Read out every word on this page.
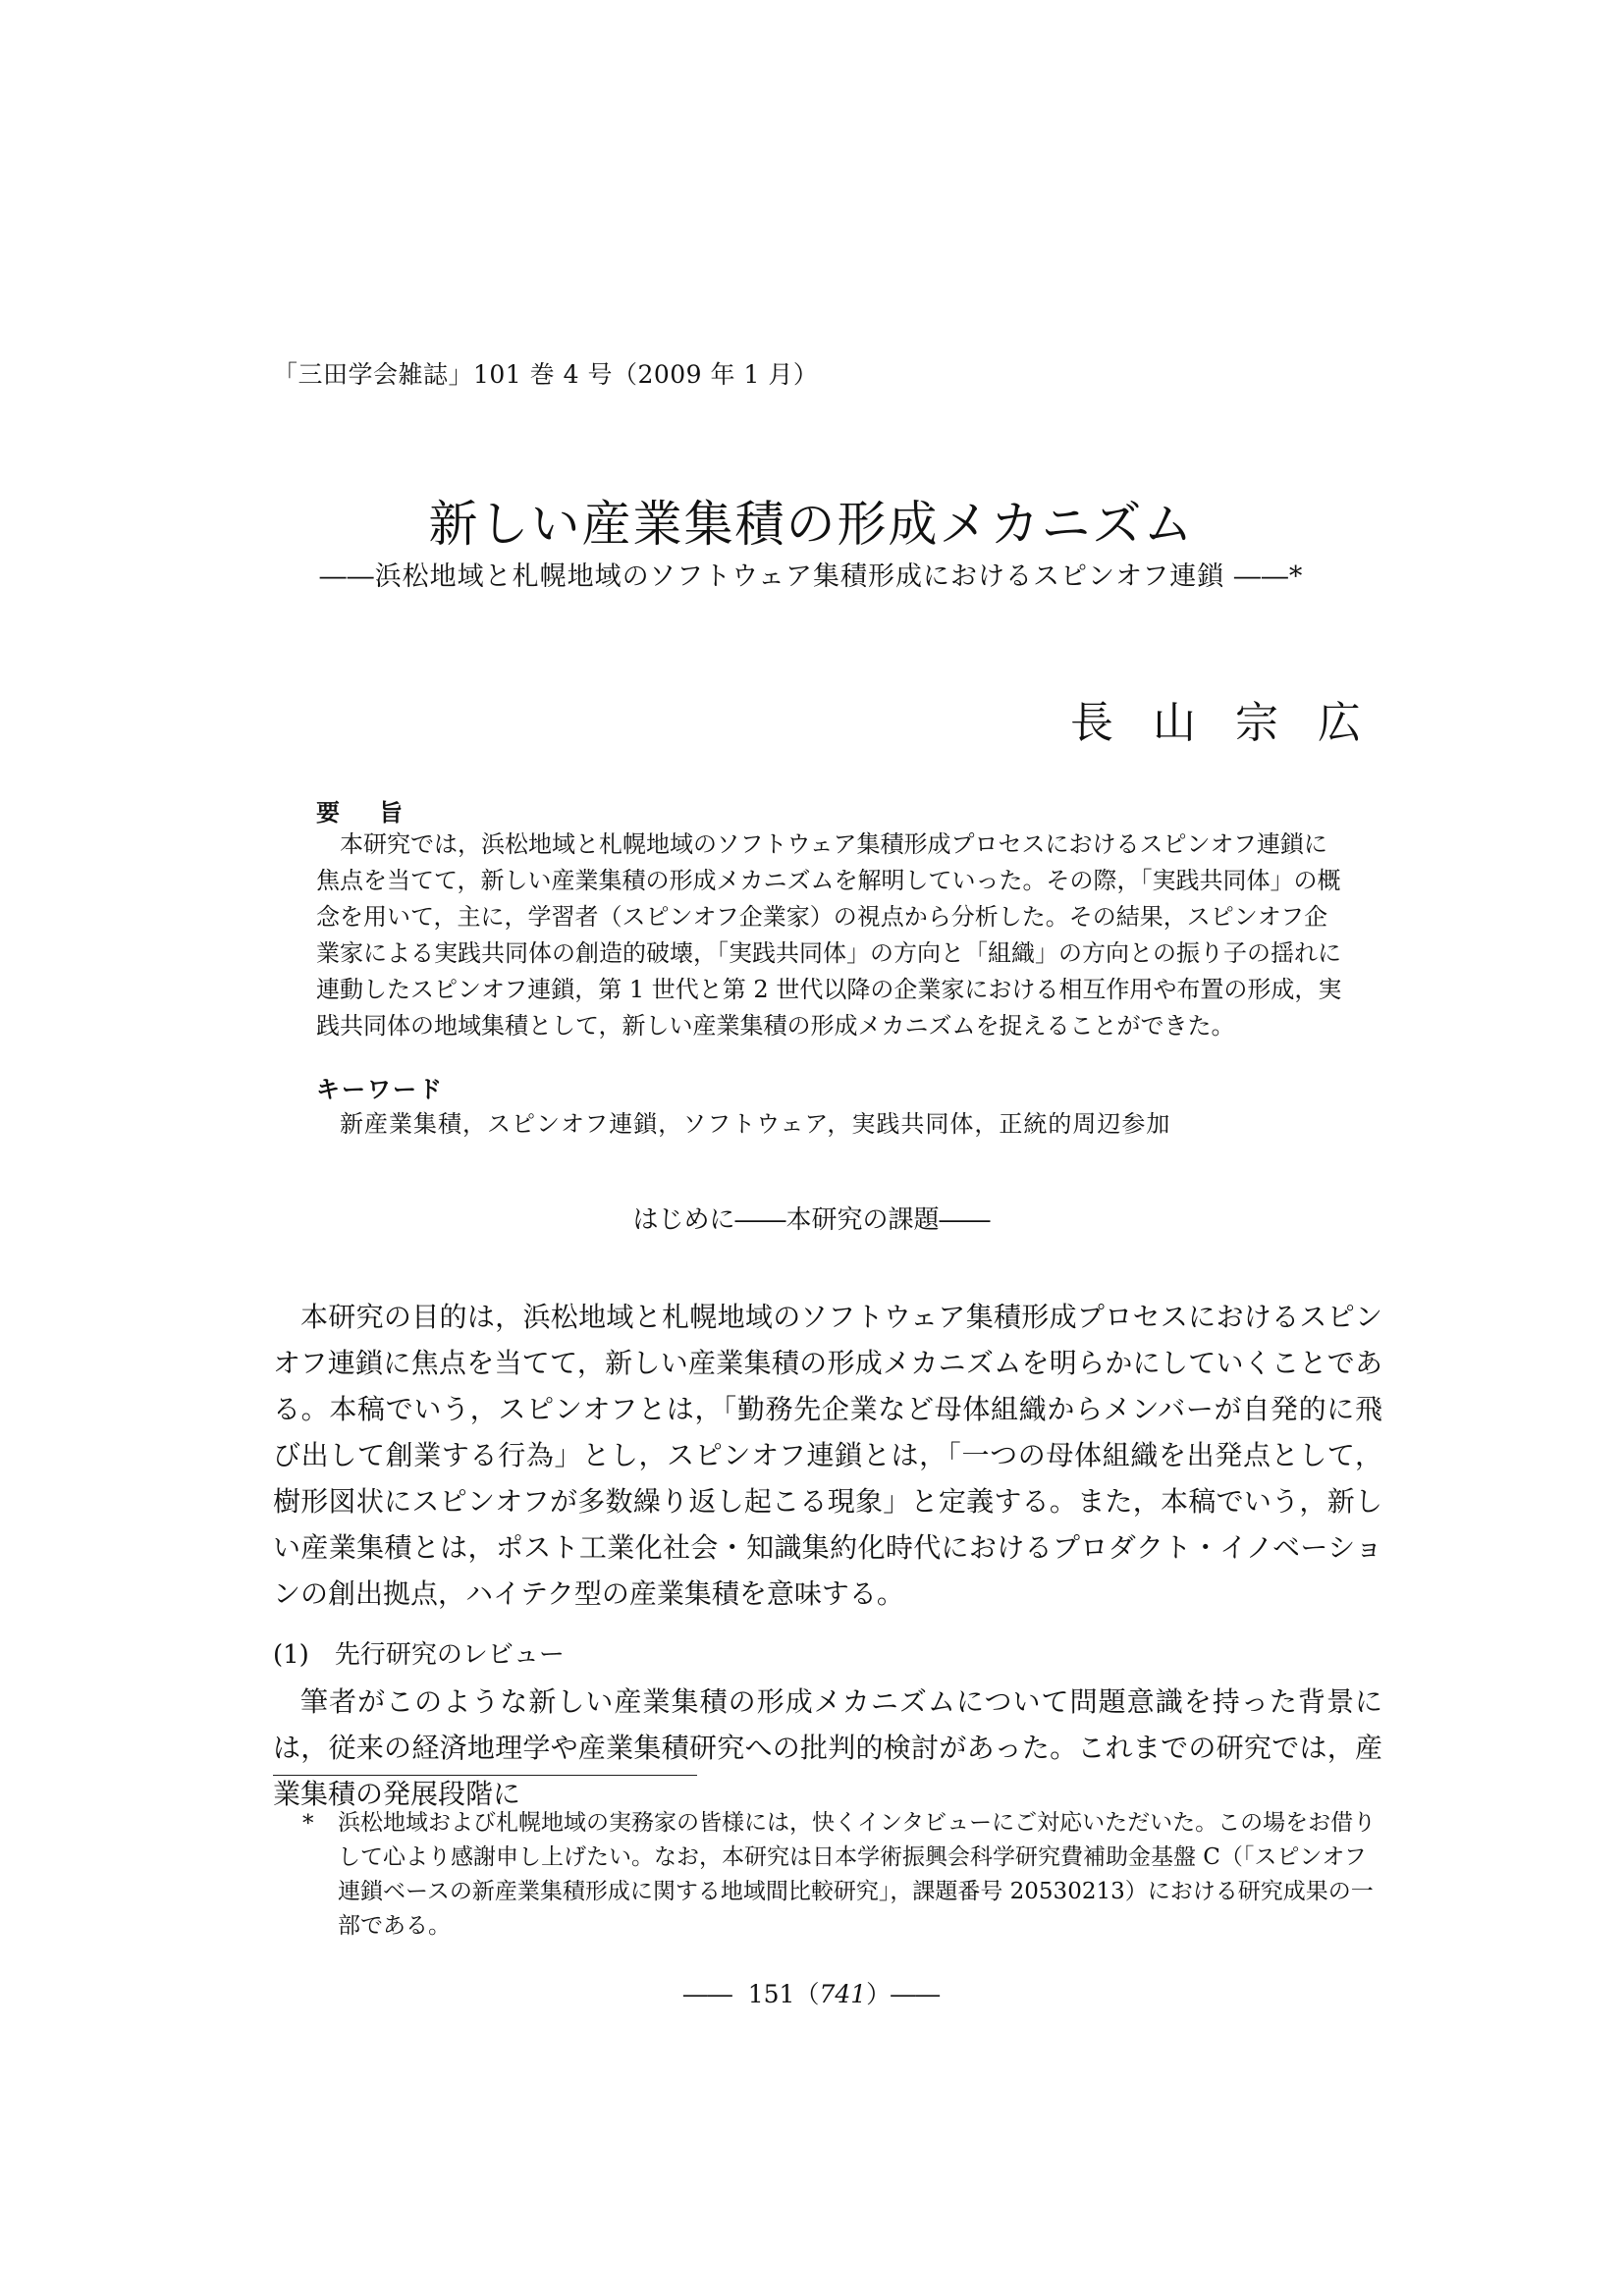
「三田学会雑誌」101 巻 4 号（2009 年 1 月）
新しい産業集積の形成メカニズム
――浜松地域と札幌地域のソフトウェア集積形成におけるスピンオフ連鎖 ――*
長山宗広
要旨
本研究では，浜松地域と札幌地域のソフトウェア集積形成プロセスにおけるスピンオフ連鎖に焦点を当てて，新しい産業集積の形成メカニズムを解明していった。その際，「実践共同体」の概念を用いて，主に，学習者（スピンオフ企業家）の視点から分析した。その結果，スピンオフ企業家による実践共同体の創造的破壊，「実践共同体」の方向と「組織」の方向との振り子の揺れに連動したスピンオフ連鎖，第 1 世代と第 2 世代以降の企業家における相互作用や布置の形成，実践共同体の地域集積として，新しい産業集積の形成メカニズムを捉えることができた。
キーワード
新産業集積，スピンオフ連鎖，ソフトウェア，実践共同体，正統的周辺参加
はじめに――本研究の課題――
本研究の目的は，浜松地域と札幌地域のソフトウェア集積形成プロセスにおけるスピンオフ連鎖に焦点を当てて，新しい産業集積の形成メカニズムを明らかにしていくことである。本稿でいう，スピンオフとは，「勤務先企業など母体組織からメンバーが自発的に飛び出して創業する行為」とし，スピンオフ連鎖とは，「一つの母体組織を出発点として，樹形図状にスピンオフが多数繰り返し起こる現象」と定義する。また，本稿でいう，新しい産業集積とは，ポスト工業化社会・知識集約化時代におけるプロダクト・イノベーションの創出拠点，ハイテク型の産業集積を意味する。
(1)　先行研究のレビュー
筆者がこのような新しい産業集積の形成メカニズムについて問題意識を持った背景には，従来の経済地理学や産業集積研究への批判的検討があった。これまでの研究では，産業集積の発展段階に
* 浜松地域および札幌地域の実務家の皆様には，快くインタビューにご対応いただいた。この場をお借りして心より感謝申し上げたい。なお，本研究は日本学術振興会科学研究費補助金基盤 C（「スピンオフ連鎖ベースの新産業集積形成に関する地域間比較研究」，課題番号 20530213）における研究成果の一部である。
――  151（741）――
